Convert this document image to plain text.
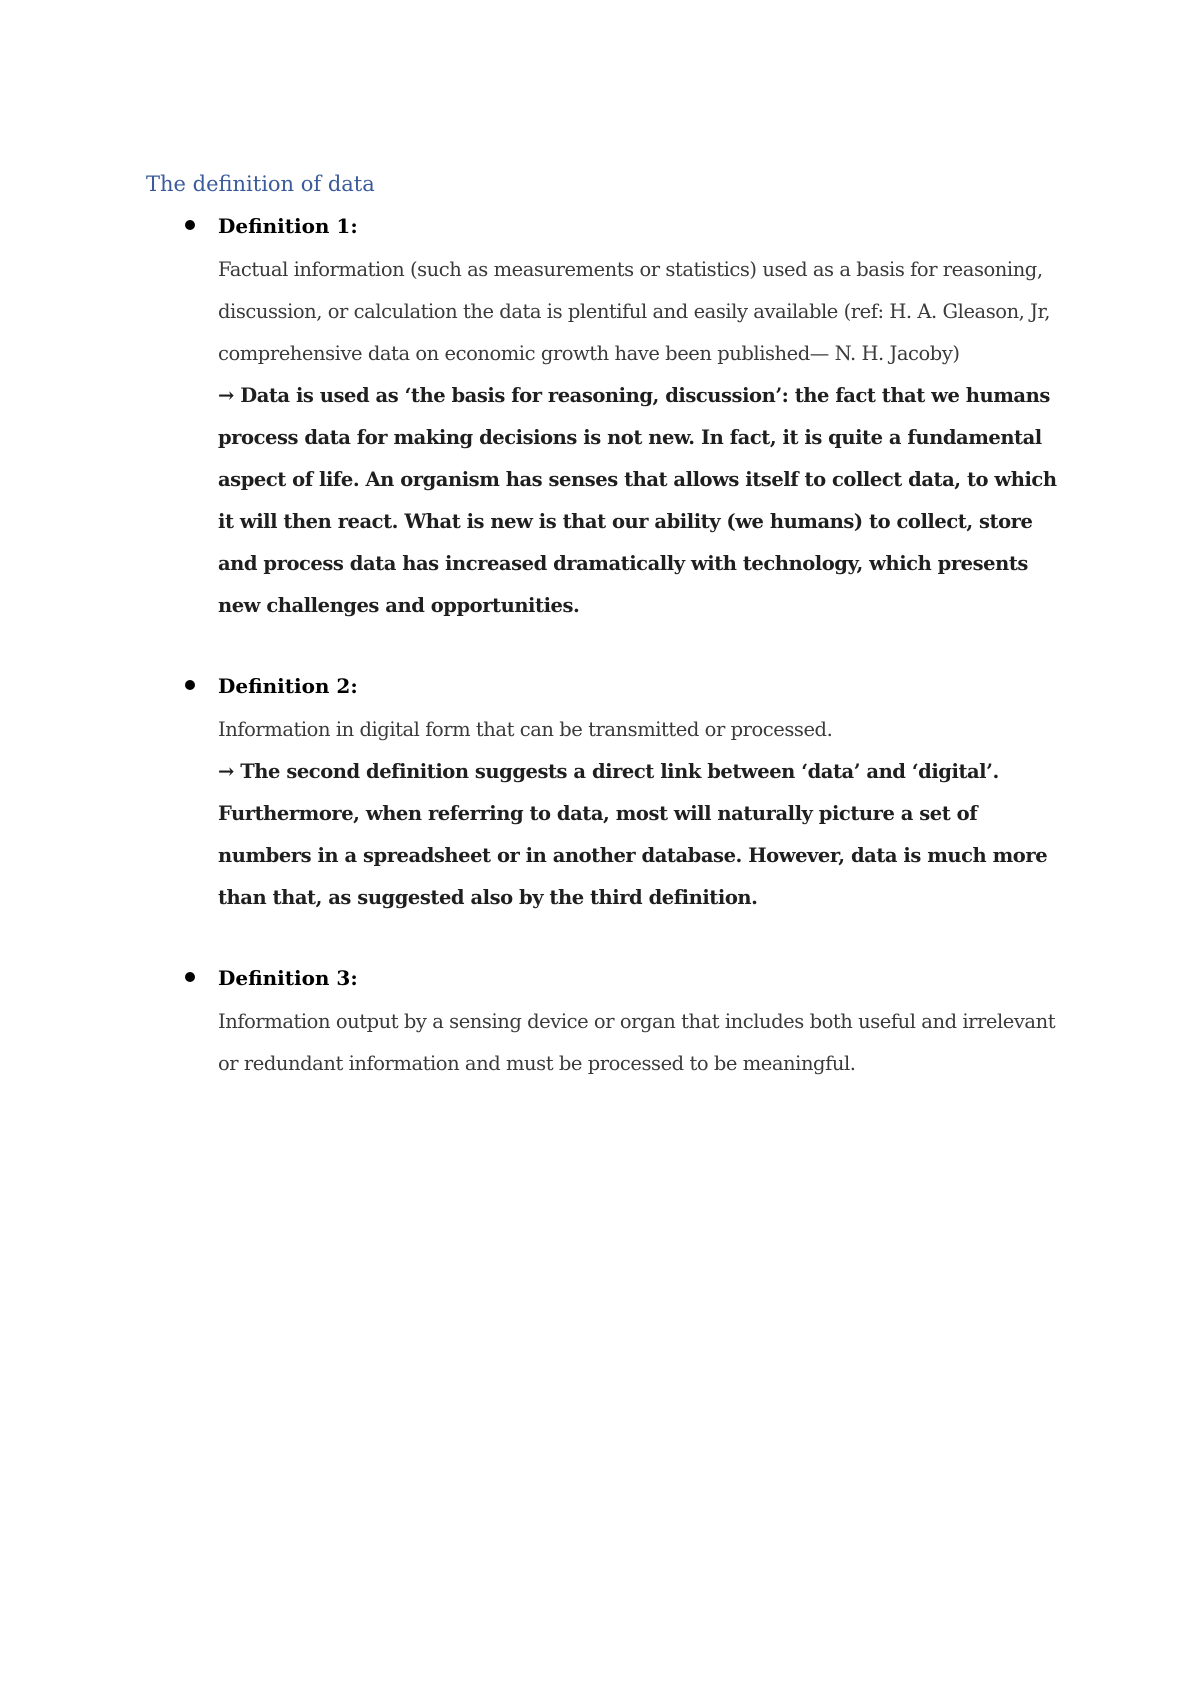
The definition of data

Definition 1:

Factual information (such as measurements or statistics) used as a basis for reasoning, discussion, or calculation the data is plentiful and easily available (ref: H. A. Gleason, Jr, comprehensive data on economic growth have been published— N. H. Jacoby)

→ Data is used as ‘the basis for reasoning, discussion’: the fact that we humans process data for making decisions is not new. In fact, it is quite a fundamental aspect of life. An organism has senses that allows itself to collect data, to which it will then react. What is new is that our ability (we humans) to collect, store and process data has increased dramatically with technology, which presents new challenges and opportunities.

Definition 2:

Information in digital form that can be transmitted or processed.

→ The second definition suggests a direct link between ‘data’ and ‘digital’. Furthermore, when referring to data, most will naturally picture a set of numbers in a spreadsheet or in another database. However, data is much more than that, as suggested also by the third definition.

Definition 3:

Information output by a sensing device or organ that includes both useful and irrelevant or redundant information and must be processed to be meaningful.
